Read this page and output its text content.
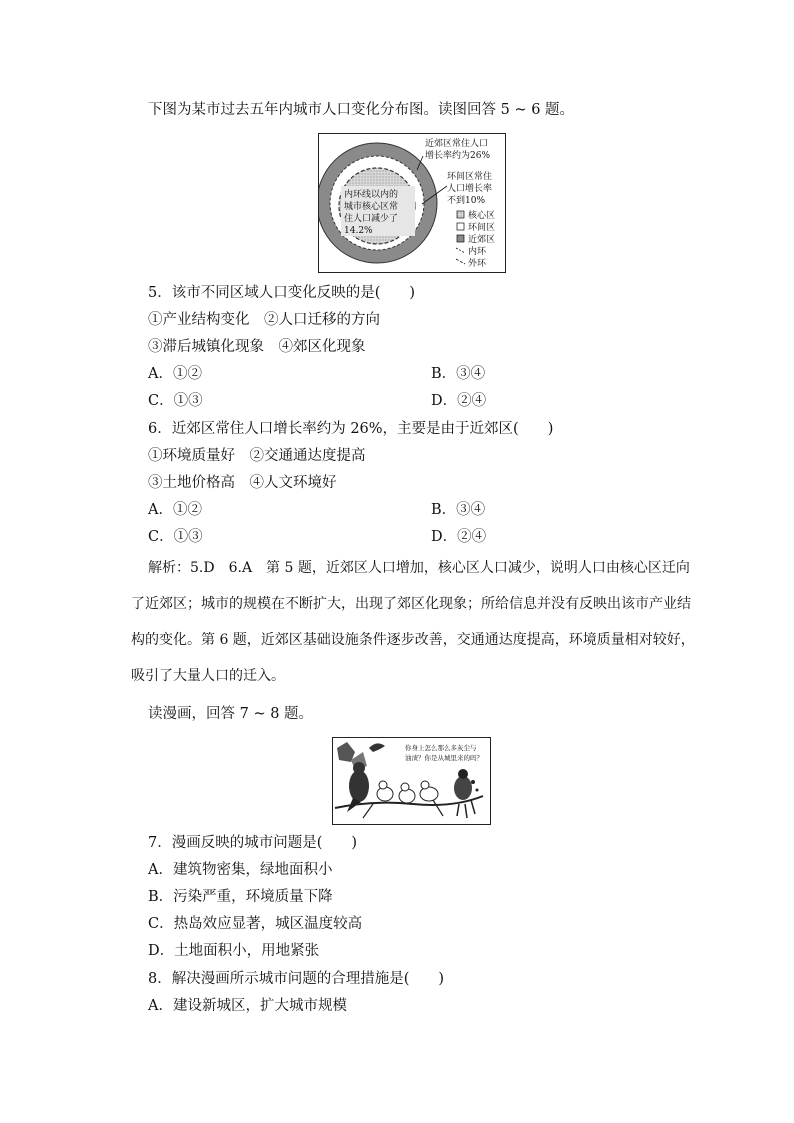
下图为某市过去五年内城市人口变化分布图。读图回答 5 ~ 6 题。
内环线以内的 城市核心区常 住人口减少了 14.2%
近郊区常住人口 增长率约为26%
环间区常住 人口增长率 不到10%
核心区 环间区 近郊区 内环 外环
5．该市不同区域人口变化反映的是(　　)
①产业结构变化　②人口迁移的方向
③滞后城镇化现象　④郊区化现象
A．①②	B．③④
C．①③	D．②④
6．近郊区常住人口增长率约为 26%，主要是由于近郊区(　　)
①环境质量好　②交通通达度提高
③土地价格高　④人文环境好
A．①②	B．③④
C．①③	D．②④
解析：5.D　6.A　第 5 题，近郊区人口增加，核心区人口减少，说明人口由核心区迁向
了近郊区；城市的规模在不断扩大，出现了郊区化现象；所给信息并没有反映出该市产业结
构的变化。第 6 题，近郊区基础设施条件逐步改善，交通通达度提高，环境质量相对较好，
吸引了大量人口的迁入。
读漫画，回答 7 ~ 8 题。
你身上怎么那么多灰尘与 油渍？你是从城里来的吗？
7．漫画反映的城市问题是(　　)
A．建筑物密集，绿地面积小
B．污染严重，环境质量下降
C．热岛效应显著，城区温度较高
D．土地面积小，用地紧张
8．解决漫画所示城市问题的合理措施是(　　)
A．建设新城区，扩大城市规模
